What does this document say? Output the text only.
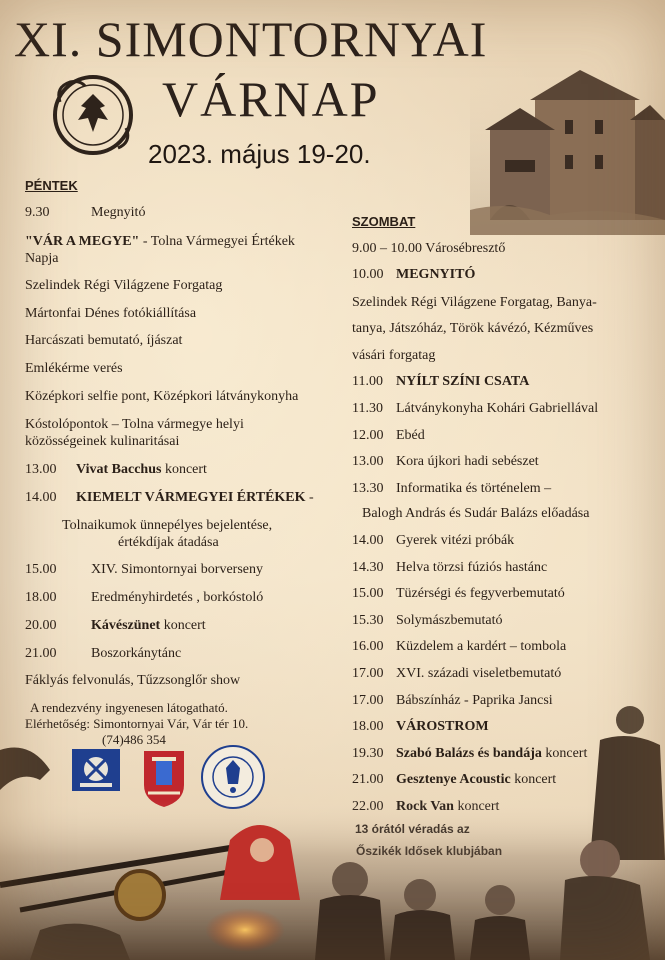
XI. SIMONTORNYAI
VÁRNAP
2023. május 19-20.
PÉNTEK
9.30	Megnyitó
"VÁR A MEGYE" - Tolna Vármegyei Értékek
Napja
Szelindek Régi Világzene Forgatag
Mártonfai Dénes fotókiállítása
Harcászati bemutató, íjászat
Emlékérme verés
Középkori selfie pont, Középkori látványkonyha
Kóstolópontok – Tolna vármegye helyi
közösségeinek kulinaritásai
13.00 Vivat Bacchus koncert
14.00 KIEMELT VÁRMEGYEI ÉRTÉKEK -
Tolnaikumok ünnepélyes bejelentése,
értékdíjak átadása
15.00 XIV. Simontornyai borverseny
18.00 Eredményhirdetés , borkóstoló
20.00 Kávészünet koncert
21.00 Boszorkánytánc
Fáklyás felvonulás, Tűzzsonglőr show
A rendezvény ingyenesen látogatható.
Elérhetőség: Simontornyai Vár, Vár tér 10.
(74)486 354
SZOMBAT
9.00 – 10.00 Városébresztő
10.00 MEGNYITÓ
Szelindek Régi Világzene Forgatag, Banya-
tanya, Játszóház, Török kávézó, Kézműves
vásári forgatag
11.00 NYÍLT SZÍNI CSATA
11.30 Látványkonyha Kohári Gabriellával
12.00 Ebéd
13.00 Kora újkori hadi sebészet
13.30 Informatika és történelem –
Balogh András és Sudár Balázs előadása
14.00 Gyerek vitézi próbák
14.30 Helva törzsi fúziós hastánc
15.00 Tüzérségi és fegyverbemutató
15.30 Solymászbemutató
16.00 Küzdelem a kardért – tombola
17.00 XVI. századi viseletbemutató
17.00 Bábszínház - Paprika Jancsi
18.00 VÁROSTROM
19.30 Szabó Balázs és bandája koncert
21.00 Gesztenye Acoustic koncert
